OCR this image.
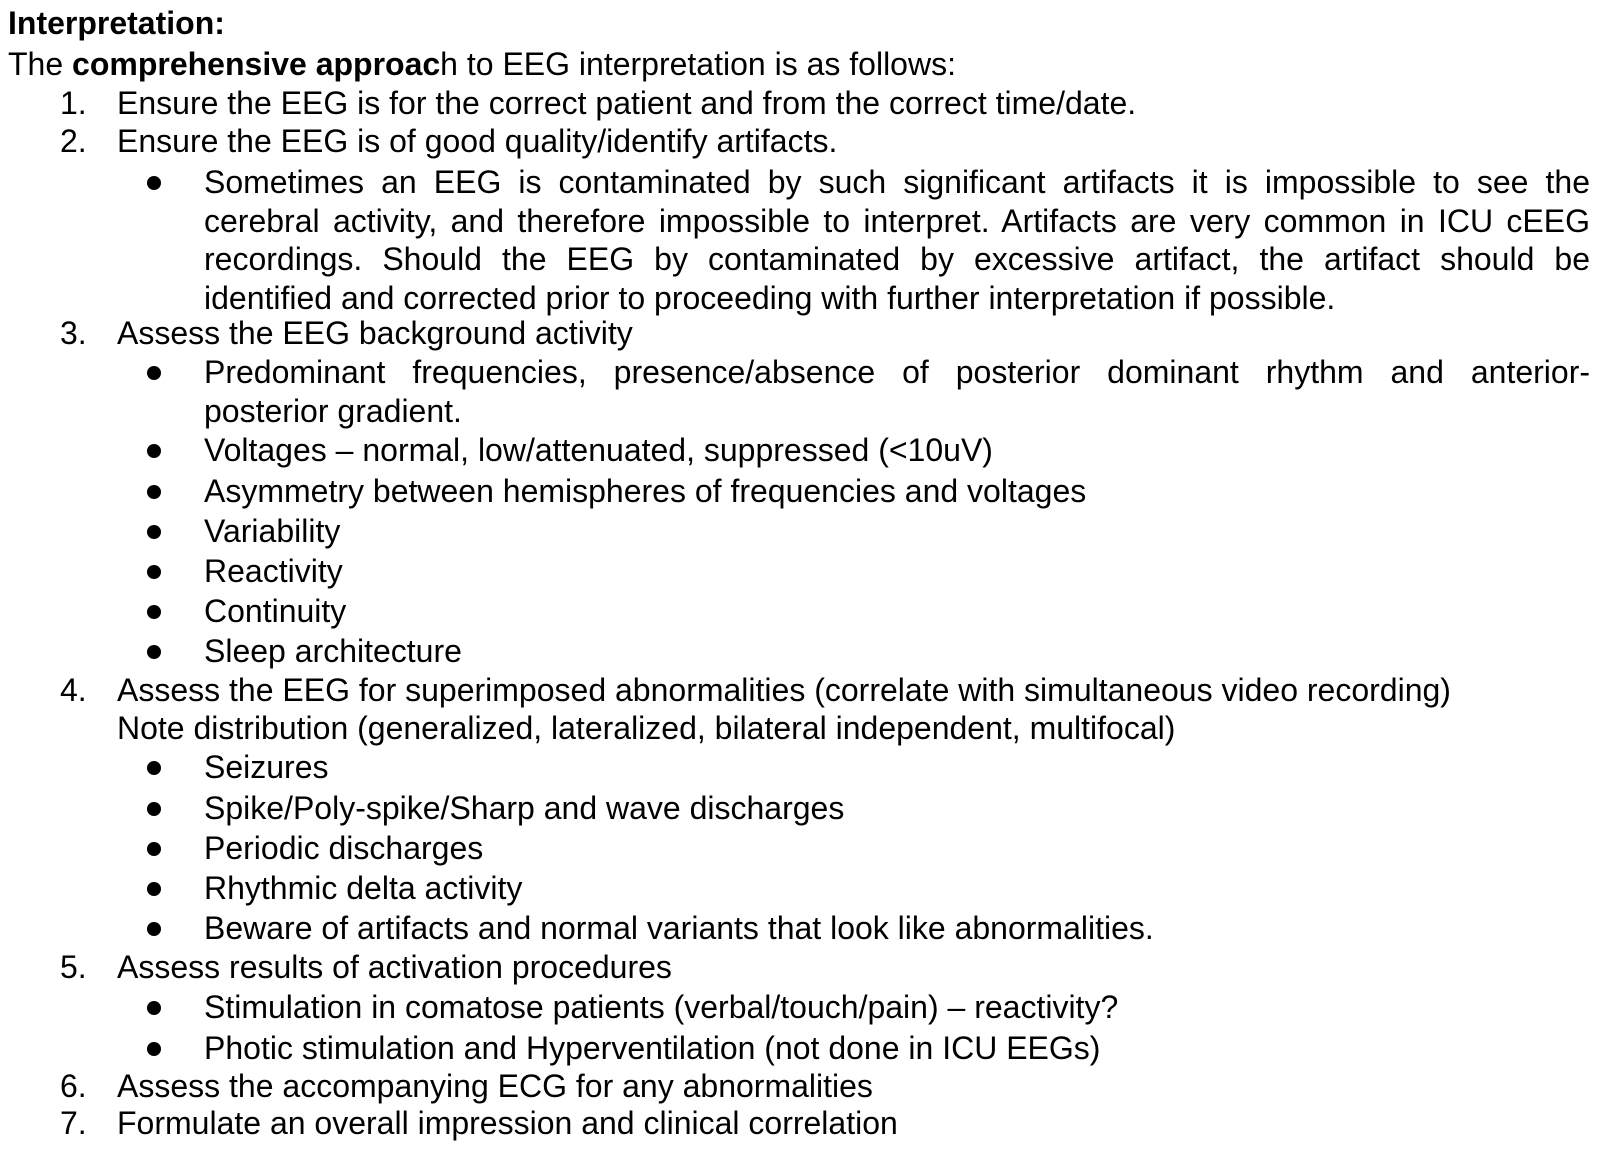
Interpretation:
The comprehensive approach to EEG interpretation is as follows:
1. Ensure the EEG is for the correct patient and from the correct time/date.
2. Ensure the EEG is of good quality/identify artifacts.
Sometimes an EEG is contaminated by such significant artifacts it is impossible to see the
cerebral activity, and therefore impossible to interpret. Artifacts are very common in ICU cEEG
recordings. Should the EEG by contaminated by excessive artifact, the artifact should be
identified and corrected prior to proceeding with further interpretation if possible.
3. Assess the EEG background activity
Predominant frequencies, presence/absence of posterior dominant rhythm and anterior-
posterior gradient.
Voltages – normal, low/attenuated, suppressed (<10uV)
Asymmetry between hemispheres of frequencies and voltages
Variability
Reactivity
Continuity
Sleep architecture
4. Assess the EEG for superimposed abnormalities (correlate with simultaneous video recording)
Note distribution (generalized, lateralized, bilateral independent, multifocal)
Seizures
Spike/Poly-spike/Sharp and wave discharges
Periodic discharges
Rhythmic delta activity
Beware of artifacts and normal variants that look like abnormalities.
5. Assess results of activation procedures
Stimulation in comatose patients (verbal/touch/pain) – reactivity?
Photic stimulation and Hyperventilation (not done in ICU EEGs)
6. Assess the accompanying ECG for any abnormalities
7. Formulate an overall impression and clinical correlation
